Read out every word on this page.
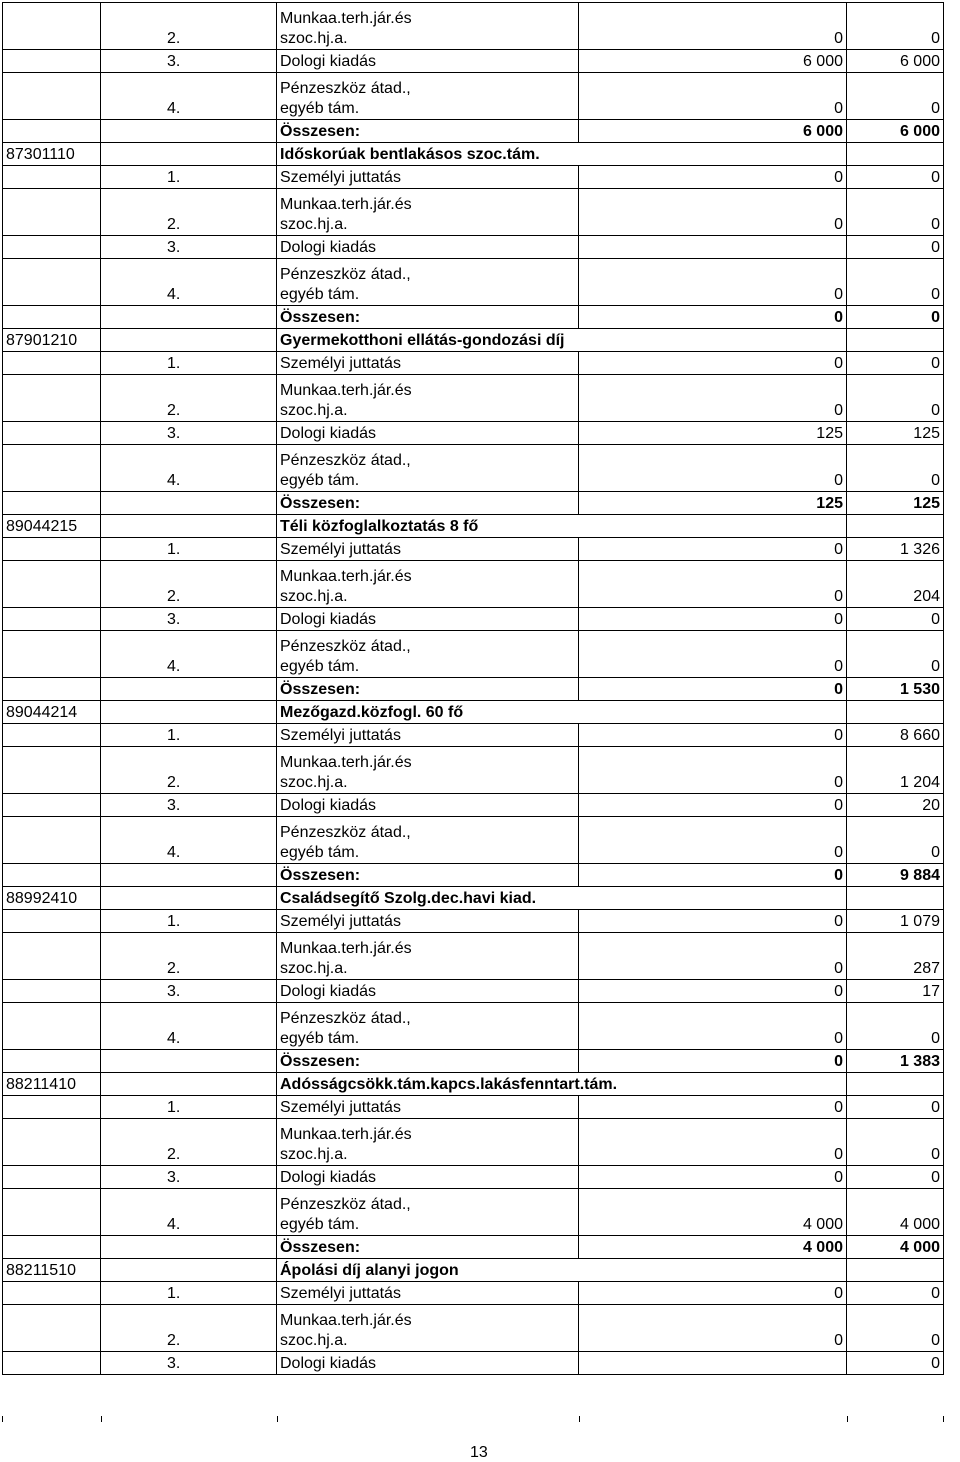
	2.	Munkaa.terh.jár.és
szoc.hj.a.	0	0
	3.	Dologi kiadás	6 000	6 000
	4.	Pénzeszköz átad.,
egyéb tám.	0	0
		Összesen:	6 000	6 000
87301110		Időskorúak bentlakásos szoc.tám.		
	1.	Személyi juttatás	0	0
	2.	Munkaa.terh.jár.és
szoc.hj.a.	0	0
	3.	Dologi kiadás		0
	4.	Pénzeszköz átad.,
egyéb tám.	0	0
		Összesen:	0	0
87901210		Gyermekotthoni ellátás-gondozási díj		
	1.	Személyi juttatás	0	0
	2.	Munkaa.terh.jár.és
szoc.hj.a.	0	0
	3.	Dologi kiadás	125	125
	4.	Pénzeszköz átad.,
egyéb tám.	0	0
		Összesen:	125	125
89044215		Téli közfoglalkoztatás 8 fő		
	1.	Személyi juttatás	0	1 326
	2.	Munkaa.terh.jár.és
szoc.hj.a.	0	204
	3.	Dologi kiadás	0	0
	4.	Pénzeszköz átad.,
egyéb tám.	0	0
		Összesen:	0	1 530
89044214		Mezőgazd.közfogl. 60 fő		
	1.	Személyi juttatás	0	8 660
	2.	Munkaa.terh.jár.és
szoc.hj.a.	0	1 204
	3.	Dologi kiadás	0	20
	4.	Pénzeszköz átad.,
egyéb tám.	0	0
		Összesen:	0	9 884
88992410		Családsegítő Szolg.dec.havi kiad.		
	1.	Személyi juttatás	0	1 079
	2.	Munkaa.terh.jár.és
szoc.hj.a.	0	287
	3.	Dologi kiadás	0	17
	4.	Pénzeszköz átad.,
egyéb tám.	0	0
		Összesen:	0	1 383
88211410		Adósságcsökk.tám.kapcs.lakásfenntart.tám.		
	1.	Személyi juttatás	0	0
	2.	Munkaa.terh.jár.és
szoc.hj.a.	0	0
	3.	Dologi kiadás	0	0
	4.	Pénzeszköz átad.,
egyéb tám.	4 000	4 000
		Összesen:	4 000	4 000
88211510		Ápolási díj alanyi jogon		
	1.	Személyi juttatás	0	0
	2.	Munkaa.terh.jár.és
szoc.hj.a.	0	0
	3.	Dologi kiadás		0
13
